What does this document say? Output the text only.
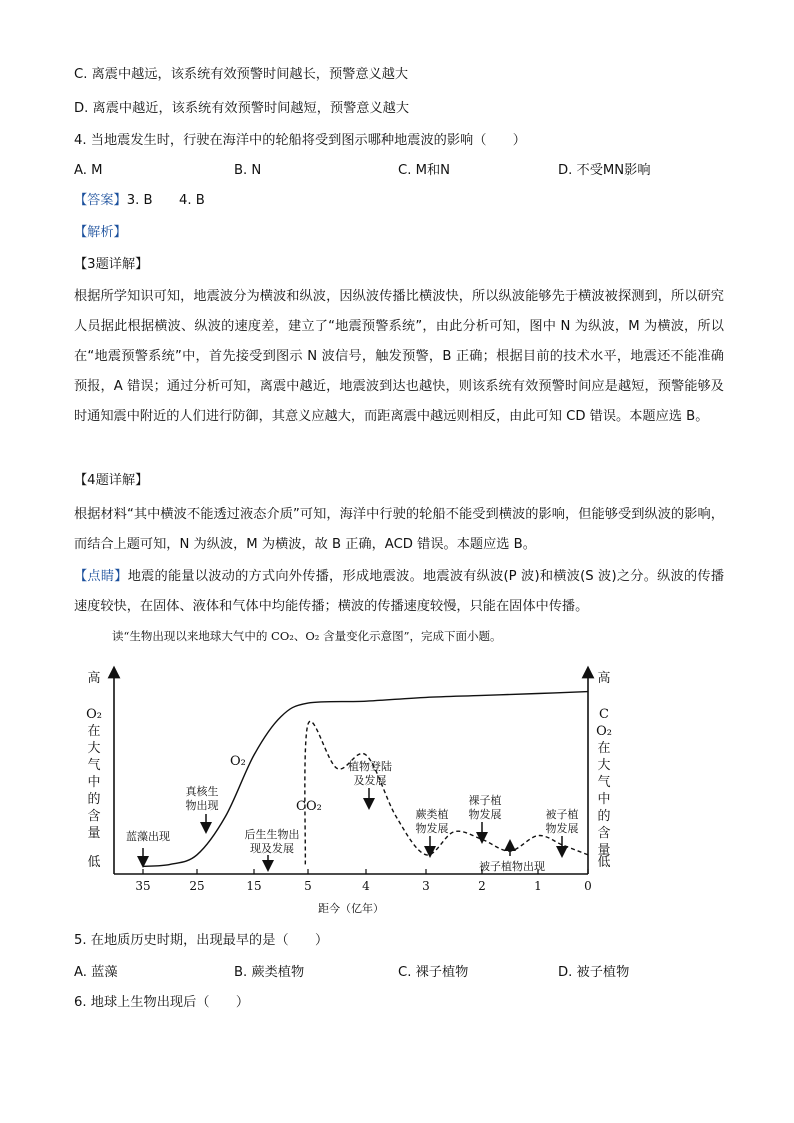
C. 离震中越远，该系统有效预警时间越长，预警意义越大
D. 离震中越近，该系统有效预警时间越短，预警意义越大
4. 当地震发生时，行驶在海洋中的轮船将受到图示哪种地震波的影响（　　）
A. M	B. N	C. M和N	D. 不受MN影响
【答案】3. B　　4. B
【解析】
【3题详解】
根据所学知识可知，地震波分为横波和纵波，因纵波传播比横波快，所以纵波能够先于横波被探测到，所以研究人员据此根据横波、纵波的速度差，建立了“地震预警系统”，由此分析可知，图中 N 为纵波，M 为横波，所以在“地震预警系统”中，首先接受到图示 N 波信号，触发预警，B 正确；根据目前的技术水平，地震还不能准确预报，A 错误；通过分析可知，离震中越近，地震波到达也越快，则该系统有效预警时间应是越短，预警能够及时通知震中附近的人们进行防御，其意义应越大，而距离震中越远则相反，由此可知 CD 错误。本题应选 B。
【4题详解】
根据材料“其中横波不能透过液态介质”可知，海洋中行驶的轮船不能受到横波的影响，但能够受到纵波的影响，而结合上题可知，N 为纵波，M 为横波，故 B 正确，ACD 错误。本题应选 B。
【点睛】地震的能量以波动的方式向外传播，形成地震波。地震波有纵波(P 波)和横波(S 波)之分。纵波的传播速度较快，在固体、液体和气体中均能传播；横波的传播速度较慢，只能在固体中传播。
读“生物出现以来地球大气中的 CO₂、O₂ 含量变化示意图”，完成下面小题。
35	25	15	5	4	3	2	1	0
距今（亿年）
高
低
O₂ 在大气中的含量
高
低
C O₂ 在大气中的含量
O₂
CO₂
蓝藻出现
真核生
物出现
后生生物出
现及发展
植物登陆
及发展
蕨类植
物发展
裸子植
物发展	被子植
物发展
被子植物出现
5. 在地质历史时期，出现最早的是（　　）
A. 蓝藻	B. 蕨类植物	C. 裸子植物	D. 被子植物
6. 地球上生物出现后（　　）
